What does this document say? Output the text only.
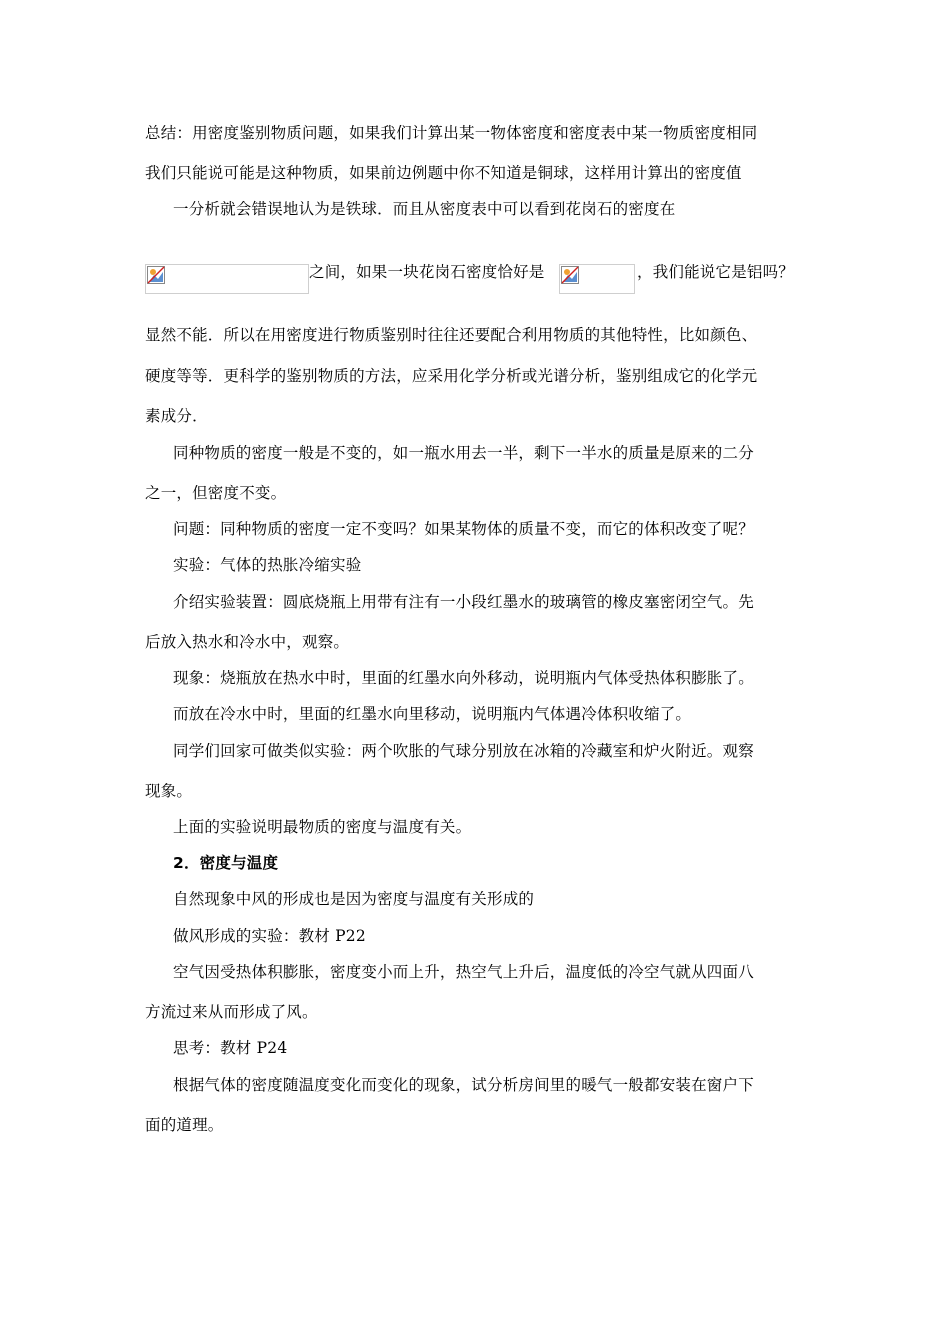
总结：用密度鉴别物质问题，如果我们计算出某一物体密度和密度表中某一物质密度相同
我们只能说可能是这种物质，如果前边例题中你不知道是铜球，这样用计算出的密度值
一分析就会错误地认为是铁球．而且从密度表中可以看到花岗石的密度在
之间，如果一块花岗石密度恰好是	，我们能说它是铝吗？
显然不能．所以在用密度进行物质鉴别时往往还要配合利用物质的其他特性，比如颜色、
硬度等等．更科学的鉴别物质的方法，应采用化学分析或光谱分析，鉴别组成它的化学元
素成分．
同种物质的密度一般是不变的，如一瓶水用去一半，剩下一半水的质量是原来的二分
之一，但密度不变。
问题：同种物质的密度一定不变吗？如果某物体的质量不变，而它的体积改变了呢？
实验：气体的热胀冷缩实验
介绍实验装置：圆底烧瓶上用带有注有一小段红墨水的玻璃管的橡皮塞密闭空气。先
后放入热水和冷水中，观察。
现象：烧瓶放在热水中时，里面的红墨水向外移动，说明瓶内气体受热体积膨胀了。
而放在冷水中时，里面的红墨水向里移动，说明瓶内气体遇冷体积收缩了。
同学们回家可做类似实验：两个吹胀的气球分别放在冰箱的冷藏室和炉火附近。观察
现象。
上面的实验说明最物质的密度与温度有关。
2．密度与温度
自然现象中风的形成也是因为密度与温度有关形成的
做风形成的实验：教材 P22
空气因受热体积膨胀，密度变小而上升，热空气上升后，温度低的冷空气就从四面八
方流过来从而形成了风。
思考：教材 P24
根据气体的密度随温度变化而变化的现象，试分析房间里的暖气一般都安装在窗户下
面的道理。
